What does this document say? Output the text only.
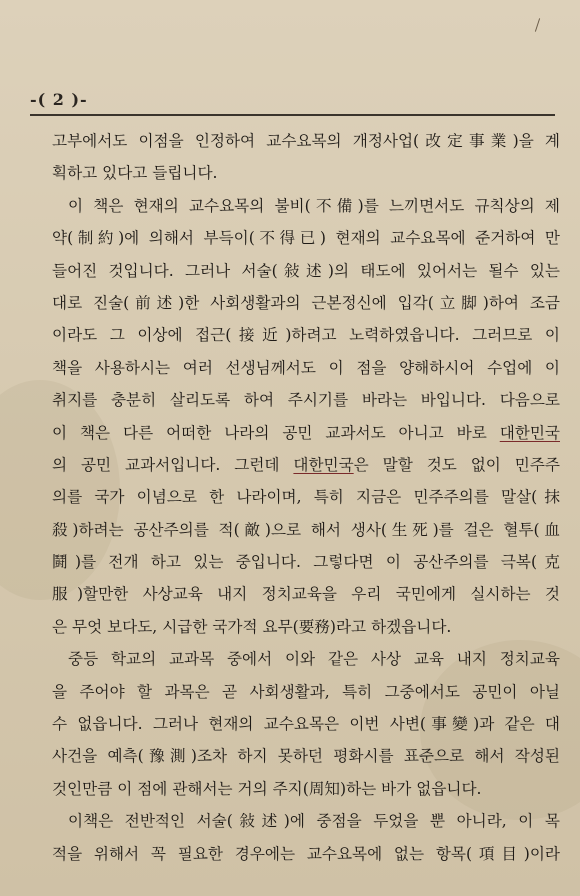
-( 2 )-
고부에서도 이점을 인정하여 교수요목의 개정사업(改定事業)을 계
획하고 있다고 들립니다.
이 책은 현재의 교수요목의 불비(不備)를 느끼면서도 규칙상의 제
약(制約)에 의해서 부득이(不得已) 현재의 교수요목에 준거하여 만
들어진 것입니다. 그러나 서술(敍述)의 태도에 있어서는 될수 있는
대로 진술(前述)한 사회생활과의 근본정신에 입각(立脚)하여 조금
이라도 그 이상에 접근(接近)하려고 노력하였읍니다. 그러므로 이
책을 사용하시는 여러 선생님께서도 이 점을 양해하시어 수업에 이
취지를 충분히 살리도록 하여 주시기를 바라는 바입니다. 다음으로
이 책은 다른 어떠한 나라의 공민 교과서도 아니고 바로 대한민국
의 공민 교과서입니다. 그런데 대한민국은 말할 것도 없이 민주주
의를 국가 이념으로 한 나라이며, 특히 지금은 민주주의를 말살(抹
殺)하려는 공산주의를 적(敵)으로 해서 생사(生死)를 걸은 혈투(血
鬪)를 전개 하고 있는 중입니다. 그렇다면 이 공산주의를 극복(克
服)할만한 사상교육 내지 정치교육을 우리 국민에게 실시하는 것
은 무엇 보다도, 시급한 국가적 요무(要務)라고 하겠읍니다.
중등 학교의 교과목 중에서 이와 같은 사상 교육 내지 정치교육
을 주어야 할 과목은 곧 사회생활과, 특히 그중에서도 공민이 아닐
수 없읍니다. 그러나 현재의 교수요목은 이번 사변(事變)과 같은 대
사건을 예측(豫測)조차 하지 못하던 평화시를 표준으로 해서 작성된
것인만큼 이 점에 관해서는 거의 주지(周知)하는 바가 없읍니다.
이책은 전반적인 서술(敍述)에 중점을 두었을 뿐 아니라, 이 목
적을 위해서 꼭 필요한 경우에는 교수요목에 없는 항목(項目)이라
